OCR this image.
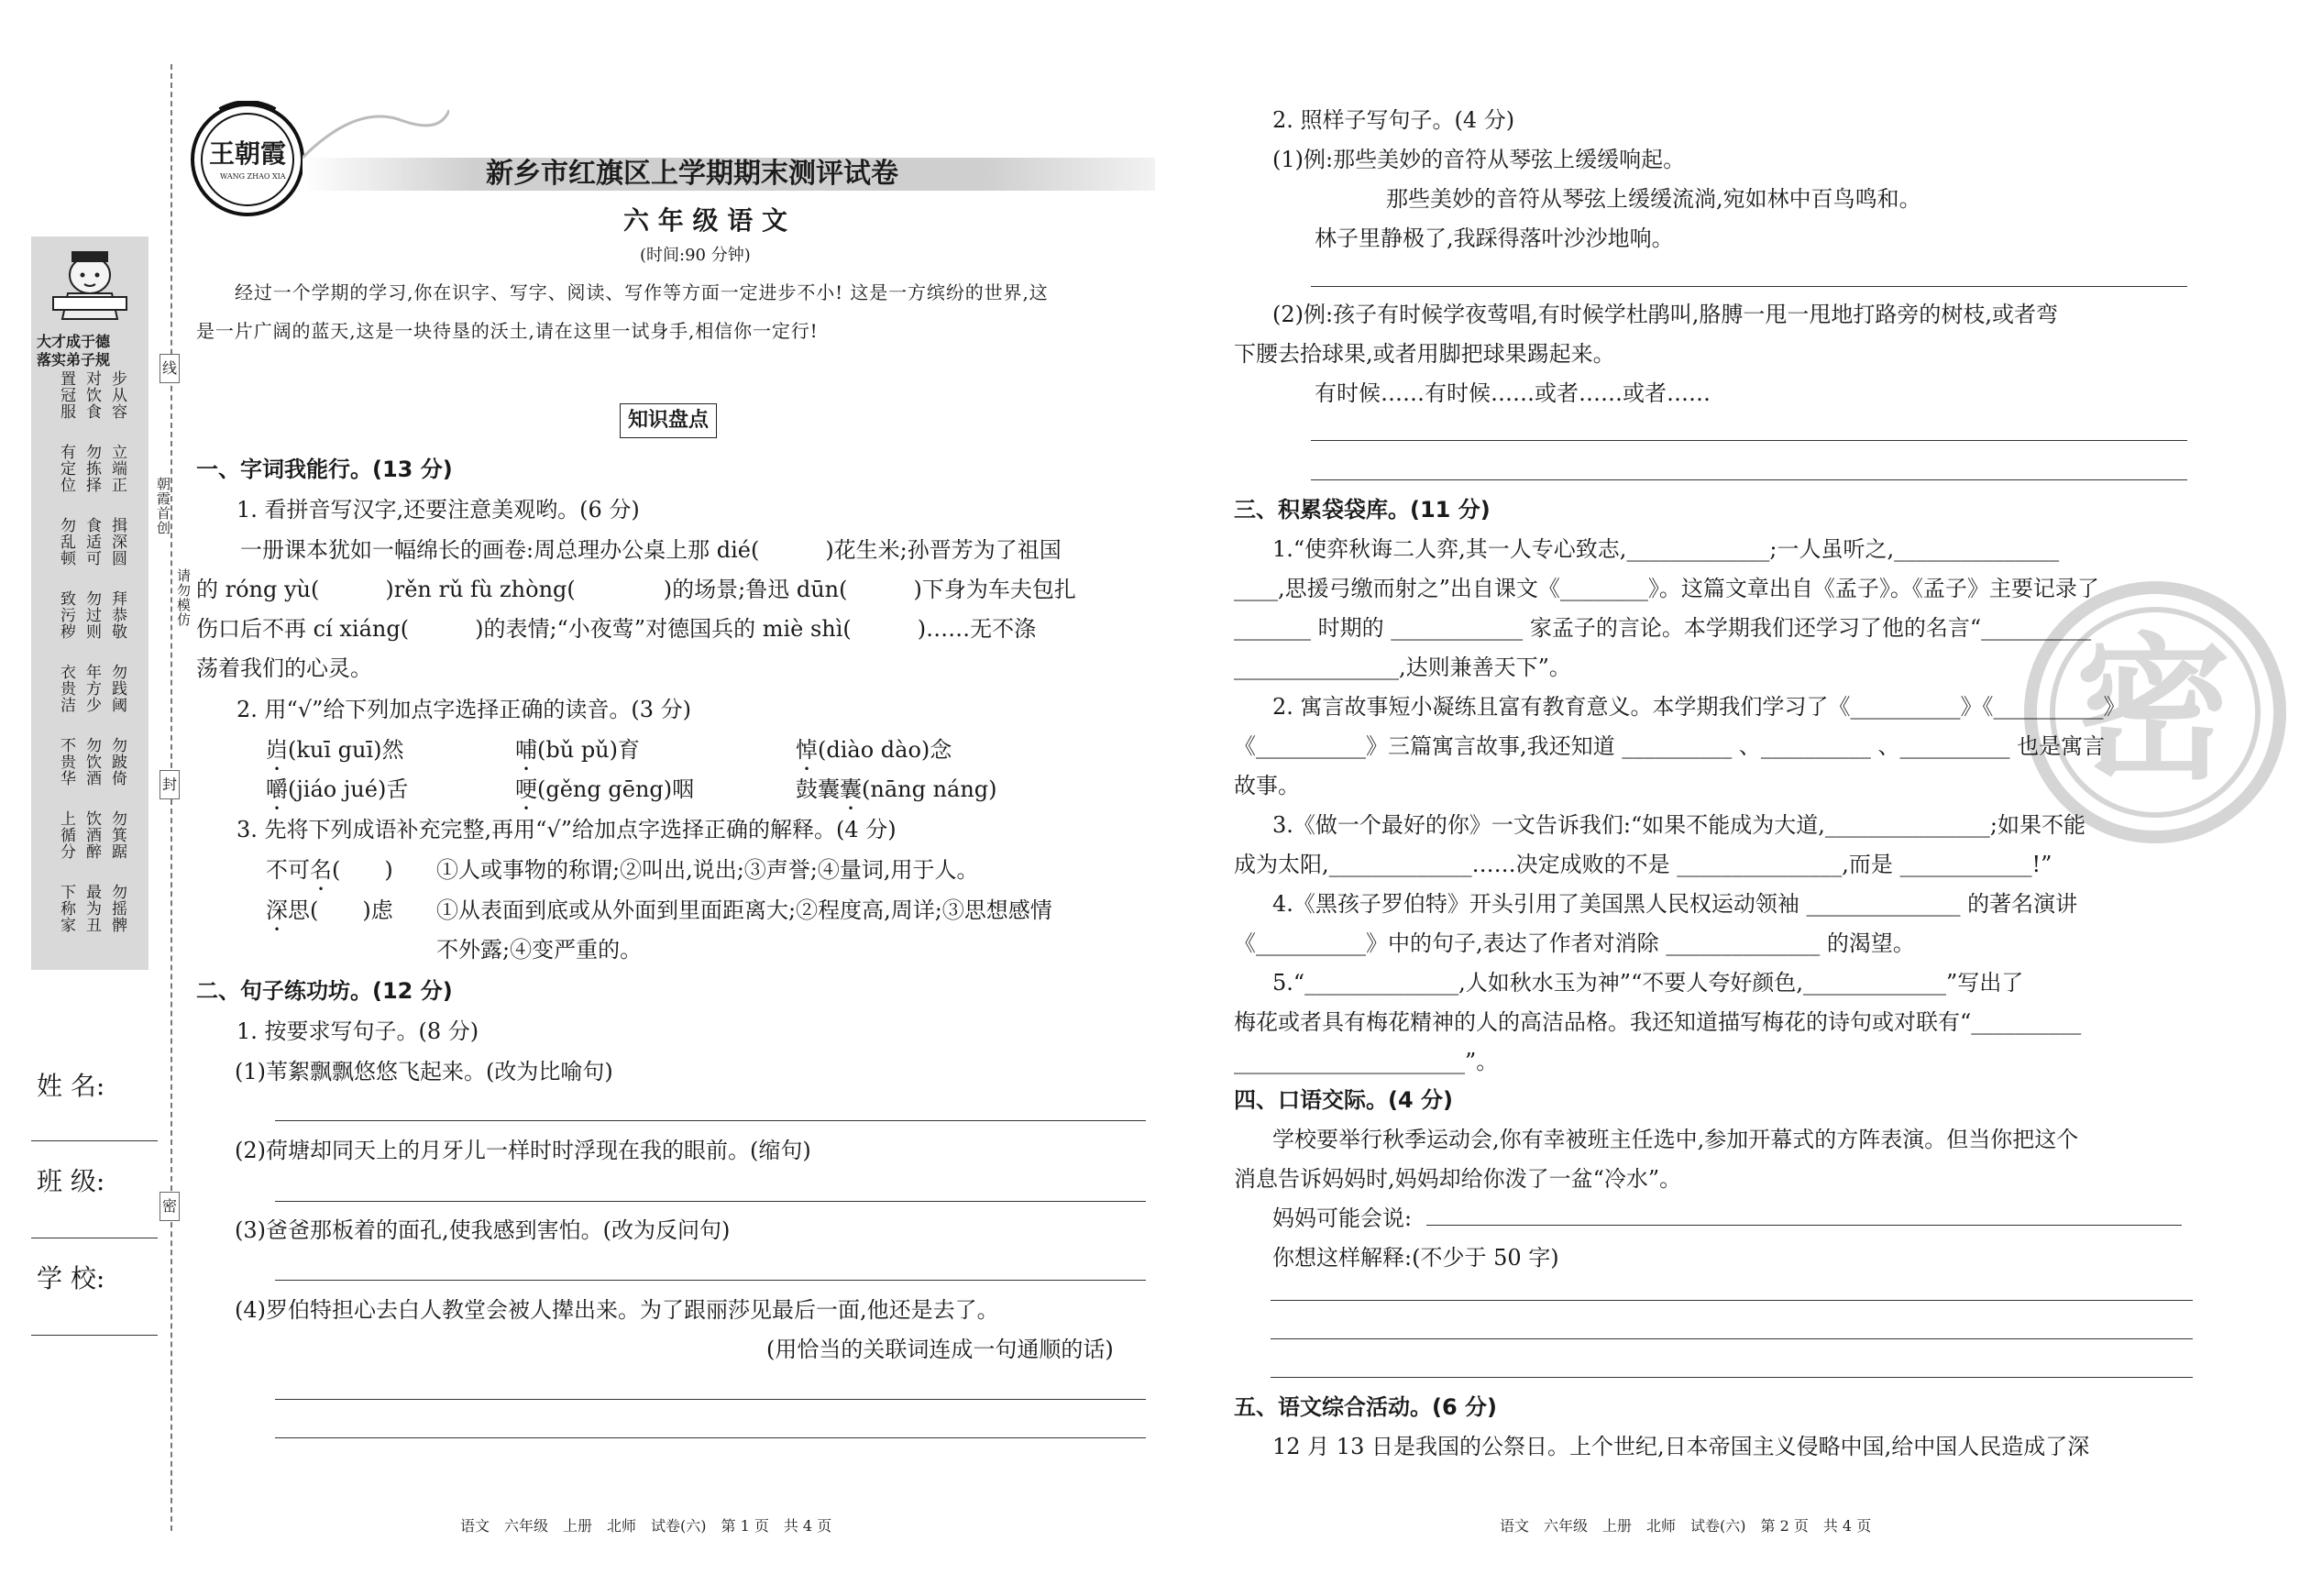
大才成于德
落实弟子规
步从容
对饮食
置冠服
立端正
勿拣择
有定位
揖深圆
食适可
勿乱顿
拜恭敬
勿过则
致污秽
勿践阈
年方少
衣贵洁
勿跛倚
勿饮酒
不贵华
勿箕踞
饮酒醉
上循分
勿摇髀
最为丑
下称家
朝霞首创
请勿模仿
线
封
密
姓 名:
班 级:
学 校:
王朝霞
WANG ZHAO XIA	新乡市红旗区上学期期末测评试卷
六 年 级 语 文
(时间:90 分钟)
经过一个学期的学习,你在识字、写字、阅读、写作等方面一定进步不小! 这是一方缤纷的世界,这
是一片广阔的蓝天,这是一块待垦的沃土,请在这里一试身手,相信你一定行!
知识盘点
一、字词我能行。(13 分)
1. 看拼音写汉字,还要注意美观哟。(6 分)
一册课本犹如一幅绵长的画卷:周总理办公桌上那 dié(　　　)花生米;孙晋芳为了祖国
的 róng yù(　　　)rěn rǔ fù zhòng(　　　　)的场景;鲁迅 dūn(　　　)下身为车夫包扎
伤口后不再 cí xiáng(　　　)的表情;“小夜莺”对德国兵的 miè shì(　　　)……无不涤
荡着我们的心灵。
2. 用“√”给下列加点字选择正确的读音。(3 分)
岿(kuī guī)然	哺(bǔ pǔ)育	悼(diào dào)念
嚼(jiáo jué)舌	哽(gěng gēng)咽	鼓囊囊(nāng náng)
3. 先将下列成语补充完整,再用“√”给加点字选择正确的解释。(4 分)
不可名(　　) ①人或事物的称谓;②叫出,说出;③声誉;④量词,用于人。
深思(　　)虑 ①从表面到底或从外面到里面距离大;②程度高,周详;③思想感情
不外露;④变严重的。
二、句子练功坊。(12 分)
1. 按要求写句子。(8 分)
(1)苇絮飘飘悠悠飞起来。(改为比喻句)
(2)荷塘却同天上的月牙儿一样时时浮现在我的眼前。(缩句)
(3)爸爸那板着的面孔,使我感到害怕。(改为反问句)
(4)罗伯特担心去白人教堂会被人撵出来。为了跟丽莎见最后一面,他还是去了。
(用恰当的关联词连成一句通顺的话)
语文　六年级　上册　北师　试卷(六)　第 1 页　共 4 页
2. 照样子写句子。(4 分)
(1)例:那些美妙的音符从琴弦上缓缓响起。
那些美妙的音符从琴弦上缓缓流淌,宛如林中百鸟鸣和。
林子里静极了,我踩得落叶沙沙地响。
(2)例:孩子有时候学夜莺唱,有时候学杜鹃叫,胳膊一甩一甩地打路旁的树枝,或者弯
下腰去拾球果,或者用脚把球果踢起来。
有时候……有时候……或者……或者……
三、积累袋袋库。(11 分)
1.“使弈秋诲二人弈,其一人专心致志,_____________;一人虽听之,_______________
____,思援弓缴而射之”出自课文《________》。这篇文章出自《孟子》。《孟子》主要记录了
_______ 时期的 ____________ 家孟子的言论。本学期我们还学习了他的名言“__________
_______________,达则兼善天下”。
2. 寓言故事短小凝练且富有教育意义。本学期我们学习了《__________》《__________》
《__________》三篇寓言故事,我还知道 __________ 、__________ 、__________ 也是寓言
故事。
3.《做一个最好的你》一文告诉我们:“如果不能成为大道,_______________;如果不能
成为太阳,_____________……决定成败的不是 _______________,而是 ____________!”
4.《黑孩子罗伯特》开头引用了美国黑人民权运动领袖 ______________ 的著名演讲
《__________》中的句子,表达了作者对消除 ______________ 的渴望。
5.“______________,人如秋水玉为神”“不要人夸好颜色,_____________”写出了
梅花或者具有梅花精神的人的高洁品格。我还知道描写梅花的诗句或对联有“__________
_____________________”。
四、口语交际。(4 分)
学校要举行秋季运动会,你有幸被班主任选中,参加开幕式的方阵表演。但当你把这个
消息告诉妈妈时,妈妈却给你泼了一盆“冷水”。
妈妈可能会说:
你想这样解释:(不少于 50 字)
五、语文综合活动。(6 分)
12 月 13 日是我国的公祭日。上个世纪,日本帝国主义侵略中国,给中国人民造成了深
语文　六年级　上册　北师　试卷(六)　第 2 页　共 4 页
密
